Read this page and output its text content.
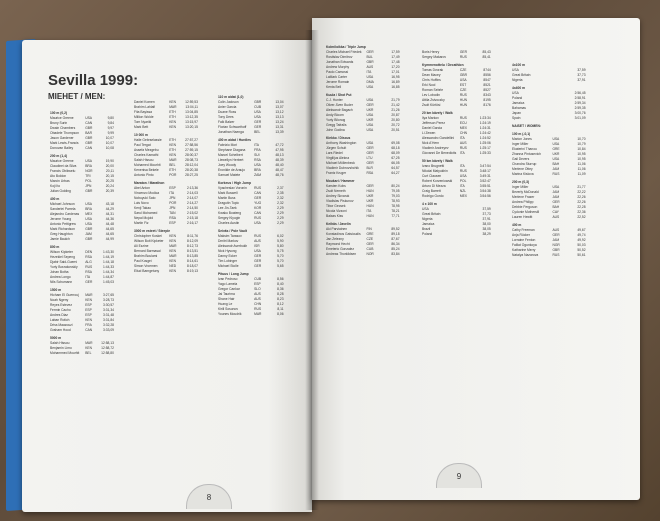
Sevilla 1999:
MIEHET / MEN:
100 m (0,2)
Maurice Greene	USA	9,80
Bruny Surin	CAN	9,84
Dwain Chambers	GBR	9,97
Obadele Thompson	BAR	9,99
Jason Gardener	GBR	10,07
Mark Lewis-Francis	GBR	10,07
Donovan Bailey	CAN	10,08
200 m (1,4)
Maurice Greene	USA	19,90
Claudinei da Silva	BRA	20,00
Francis Obikwelu	NGR	20,11
Ato Boldon	TRI	20,15
Marcin Urbas	POL	20,25
Koji Ito	JPN	20,24
Julian Golding	GBR	20,39
400 m
Michael Johnson	USA	43,18
Sanderlei Parrela	BRA	44,29
Alejandro Cardenas	MEX	44,31
Jerome Young	USA	44,36
Antonio Pettigrew	USA	44,48
Mark Richardson	GBR	44,65
Greg Haughton	JAM	44,65
Jamie Baulch	GBR	44,99
800 m
Wilson Kipketer	DEN	1:43,30
Hezekiel Sepeng	RSA	1:44,19
Djabir Said-Guerni	ALG	1:44,18
Yuriy Borzakovskiy	RUS	1:44,33
Johan Botha	RSA	1:44,34
Andrea Longo	ITA	1:44,87
Nils Schumann	GER	1:45,03
1500 m
Hicham El Guerrouj	MAR	3:27,65
Noah Ngeny	KEN	3:28,73
Reyes Estevez	ESP	3:30,57
Fermin Cacho	ESP	3:31,34
Andres Diaz	ESP	3:31,48
Laban Rotich	KEN	3:31,84
Driss Maazouzi	FRA	3:32,28
Graham Hood	CAN	3:33,09
5000 m
Salah Hissou	MAR	12:58,13
Benjamin Limo	KEN	12:58,72
Mohammed Mourhit	BEL	12:58,80
Daniel Komen	KEN	12:59,53
Brahim Lahlafi	MAR	13:04,11
Fita Bayissa	ETH	13:04,85
Million Wolde	ETH	13:12,35
Tom Nyariki	KEN	13:15,97
Mark Bett	KEN	13:20,15
10 000 m
Haile Gebrselassie	ETH	27:57,27
Paul Tergat	KEN	27:58,56
Assefa Mezgebu	ETH	27:59,15
Charles Kamathi	KEN	28:00,37
Salah Hissou	MAR	28:08,73
Mohamed Mourhit	BEL	28:12,04
Kenenisa Bekele	ETH	28:20,38
Antonio Pinto	POR	28:27,25
Maraton / Marathon
Abel Anton	ESP	2:13,36
Vincenzo Modica	ITA	2:14,03
Nobuyuki Sato	JPN	2:14,07
Luis Novo	POR	2:14,27
Kenji Takao	JPN	2:14,50
Sarul Mohamed	TAN	2:15,02
Nepal Mcjoid	RSA	2:15,18
Martin Fiz	ESP	2:16,17
3000 m esteet / Steeple
Christopher Koskei	KEN	8:11,76
Wilson Boit Kipketer	KEN	8:12,09
Ali Ezzine	MAR	8:12,73
Bernard Barmasai	KEN	8:13,51
Brahim Boulami	MAR	8:13,85
Paul Kosgei	KEN	8:14,61
Simon Vroemen	NED	8:18,07
Eliud Barngetuny	KEN	8:19,13
110 m aidat (1,0)
Colin Jackson	GBR	13,04
Anier Garcia	CUB	13,07
Duane Ross	USA	13,12
Tony Dees	USA	13,13
Falk Balzer	GER	13,24
Florian Schwarthoff	GER	13,31
Jonathan Nsenga	BEL	13,39
400 m aidat / Hurdles
Fabrizio Mori	ITA	47,72
Stephane Diagana	FRA	47,95
Marcel Schelbert	SUI	48,13
Llewellyn Herbert	RSA	48,39
Joey Woody	USA	48,40
Eronilde de Araujo	BRA	48,47
Samuel Matete	ZAM	48,76
Korkeus / High Jump
Vyacheslav Voronin	RUS	2,37
Mark Boswell	CAN	2,35
Martin Buss	GER	2,32
Dragutin Topic	YUG	2,32
Lee Jin-Taek	KOR	2,29
Kwaku Boateng	CAN	2,29
Sergey Klyugin	RUS	2,29
Charles Austin	USA	2,29
Seiväs / Pole Vault
Maksim Tarasov	RUS	6,02
Dmitri Markov	AUS	5,90
Aleksandr Averbukh	ISR	5,80
Nick Hysong	USA	5,75
Danny Ecker	GER	5,70
Tim Lobinger	GER	5,70
Michael Stolle	GER	5,65
Pituus / Long Jump
Ivan Pedroso	CUB	8,56
Yago Lamela	ESP	8,40
Gregor Cankar	SLO	8,36
Jai Taurima	AUS	8,28
Shane Hair	AUS	8,23
Huang Le	CHN	8,12
Kirill Sosunov	RUS	8,11
Younes Moudrik	MAR	8,06
Kolmiloikka / Triple Jump
Charles Michael Friedek	GER	17,59
Rostislav Dimitrov	BUL	17,49
Jonathan Edwards	GBR	17,48
Andrew Murphy	AUS	17,20
Paolo Camossi	ITA	17,01
LaMark Carter	USA	16,95
Jerome Romain	DMA	16,89
Kenta Bell	USA	16,85
Kuula / Shot Put
C.J. Hunter	USA	21,79
Oliver-Sven Buder	GER	21,42
Aleksandr Bagach	UKR	21,26
Andy Bloom	USA	20,87
Yuriy Bilonog	UKR	20,80
Gregg Tafralis	USA	20,72
John Godina	USA	20,51
Kiekko / Discus
Anthony Washington	USA	69,08
Jürgen Schult	GER	68,18
Lars Riedel	GER	68,09
Virgilijus Alekna	LTU	67,25
Michael Möllenbeck	GER	66,05
Vladimir Dubrovshchik	BLR	64,57
Frantz Kruger	RSA	64,27
Moukari / Hammer
Karsten Kobs	GER	80,24
Zsolt Nemeth	HUN	79,05
Andrey Skvaruk	UKR	79,03
Vladislav Piskunov	UKR	78,93
Tibor Gecsek	HUN	78,95
Nicola Vizzoni	ITA	78,21
Balazs Kiss	HUN	77,71
Keihäs / Javelin
Aki Parviainen	FIN	89,52
Konstadinos Gatsioudis	GRE	89,18
Jan Zelezny	CZE	87,67
Raymond Hecht	GER	86,34
Emeterio Gonzalez	CUB	85,24
Andreas Thorkildsen	NOR	83,84
Boris Henry	GER	85,43
Sergey Makarov	RUS	85,41
Kymmenottelu / Decathlon
Tomas Dvorak	CZE	8744
Dean Macey	GBR	8556
Chris Huffins	USA	8547
Erki Nool	EST	8521
Roman Sebrle	CZE	8527
Lev Lobodin	RUS	8343
Attila Zsivoczky	HUN	8195
Zsolt Kürtösi	HUN	8176
20 km kävely / Walk
Ilya Markov	RUS	1:23:34
Jefferson Perez	ECU	1:24:19
Daniel Garcia	MEX	1:24:31
Li Zewen	CHN	1:24:42
Alessandro Gandellini	ITA	1:24:52
Nick A'Hern	AUS	1:25:06
Vladimir Andreyev	RUS	1:25:17
Giovanni De Benedictis	ITA	1:25:33
50 km kävely / Walk
Ivano Brugnetti	ITA	3:47:54
Nikolai Matyukhin	RUS	3:48:17
Curt Clausen	USA	3:49:31
Robert Korzeniowski	POL	3:52:47
Arturo Di Mezza	ITA	3:55:51
Craig Barrett	NZL	3:54:38
Rodrigo Gordo	MEX	3:54:56
4 x 100 m
USA	37,59
Great Britain	37,73
Nigeria	37,91
Jamaica	38,00
Brazil	38,05
Poland	38,29
4x100 m
USA	37,59
Great Britain	37,73
Nigeria	37,91
4x400 m
USA	2:56,45
Poland	2:58,91
Jamaica	2:59,34
Bahamas	2:59,35
Japan	3:00,76
Spain	3:01,09
NAISET / WOMEN:
100 m (-0,1)
Marion Jones	USA	10,70
Inger Miller	USA	10,79
Ekaterini Thanou	GRE	10,84
Zhanna Pintusevich	UKR	10,95
Gail Devers	USA	10,95
Chandra Sturrup	BAH	11,06
Merlene Ottey	JAM	11,06
Marina Kislova	RUS	11,09
200 m (0,3)
Inger Miller	USA	21,77
Beverly McDonald	JAM	22,22
Merlene Frazer	JAM	22,26
Andrea Philipp	GER	22,26
Debbie Ferguson	BAH	22,28
Cydonie Mothersill	CAY	22,36
Lauren Hewitt	AUS	22,52
400 m
Cathy Freeman	AUS	49,67
Anja Rücker	GER	49,74
Lorraine Fenton	JAM	49,92
Falilat Ogunkoya	NGR	50,03
Katharine Merry	GBR	50,52
Natalya Nazarova	RUS	50,61
8
9
